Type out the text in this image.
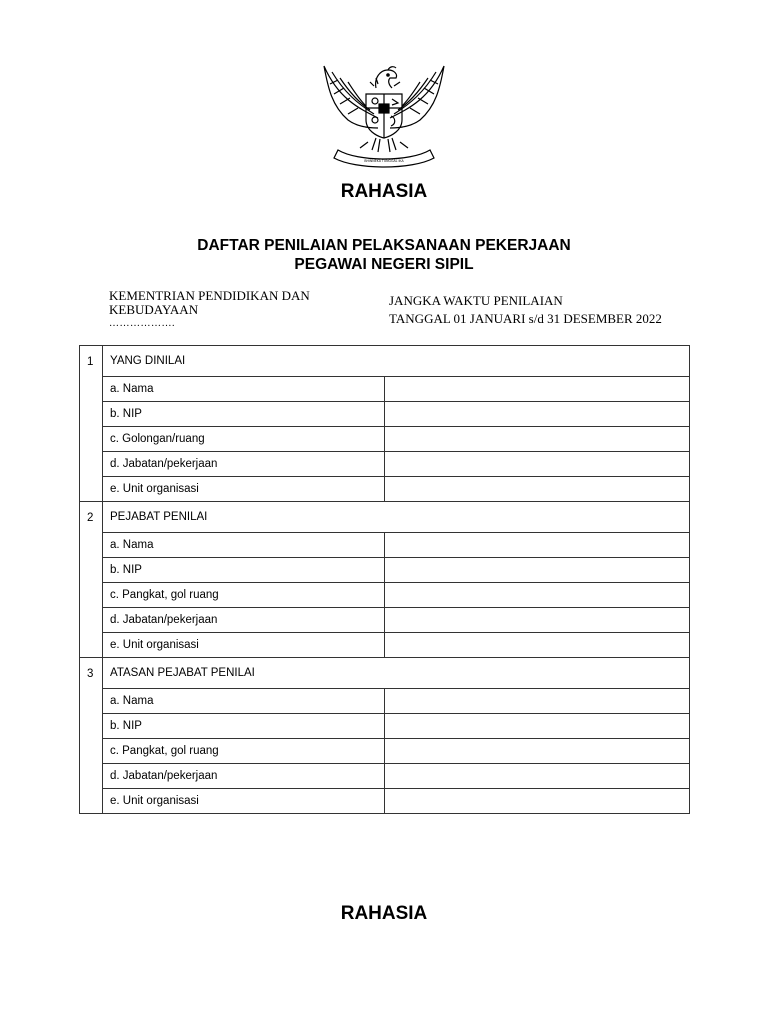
BHINNEKA TUNGGAL IKA
RAHASIA
DAFTAR PENILAIAN PELAKSANAAN PEKERJAAN
PEGAWAI NEGERI SIPIL
KEMENTRIAN PENDIDIKAN DAN
KEBUDAYAAN
……………….
JANGKA WAKTU PENILAIAN
TANGGAL 01 JANUARI s/d 31 DESEMBER 2022
1	YANG DINILAI	
	a. Nama	
	b. NIP	
	c. Golongan/ruang	
	d. Jabatan/pekerjaan	
	e. Unit organisasi	
2	PEJABAT PENILAI	
	a. Nama	
	b. NIP	
	c. Pangkat, gol ruang	
	d. Jabatan/pekerjaan	
	e. Unit organisasi	
3	ATASAN PEJABAT PENILAI	
	a. Nama	
	b. NIP	
	c. Pangkat, gol ruang	
	d. Jabatan/pekerjaan	
	e. Unit organisasi	
RAHASIA
